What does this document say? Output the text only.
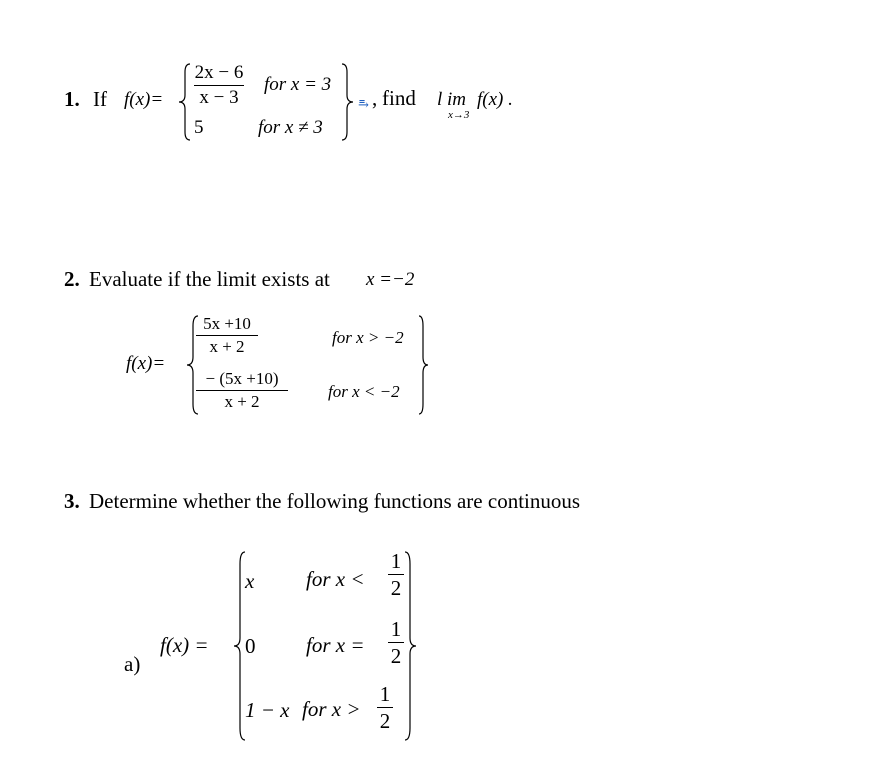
1. If f(x)=
2x − 6
x − 3
for x = 3
5	for x ≠ 3
⥱ , find l im
x→3
f(x) .
2. Evaluate if the limit exists at x =−2
f(x)=
5x +10
x + 2	for x > −2
− (5x +10)
x + 2
for x < −2
3. Determine whether the following functions are continuous
a)
f(x) =
x for x <
1
2
0 for x =
1
2
1 − x for x >
1
2
